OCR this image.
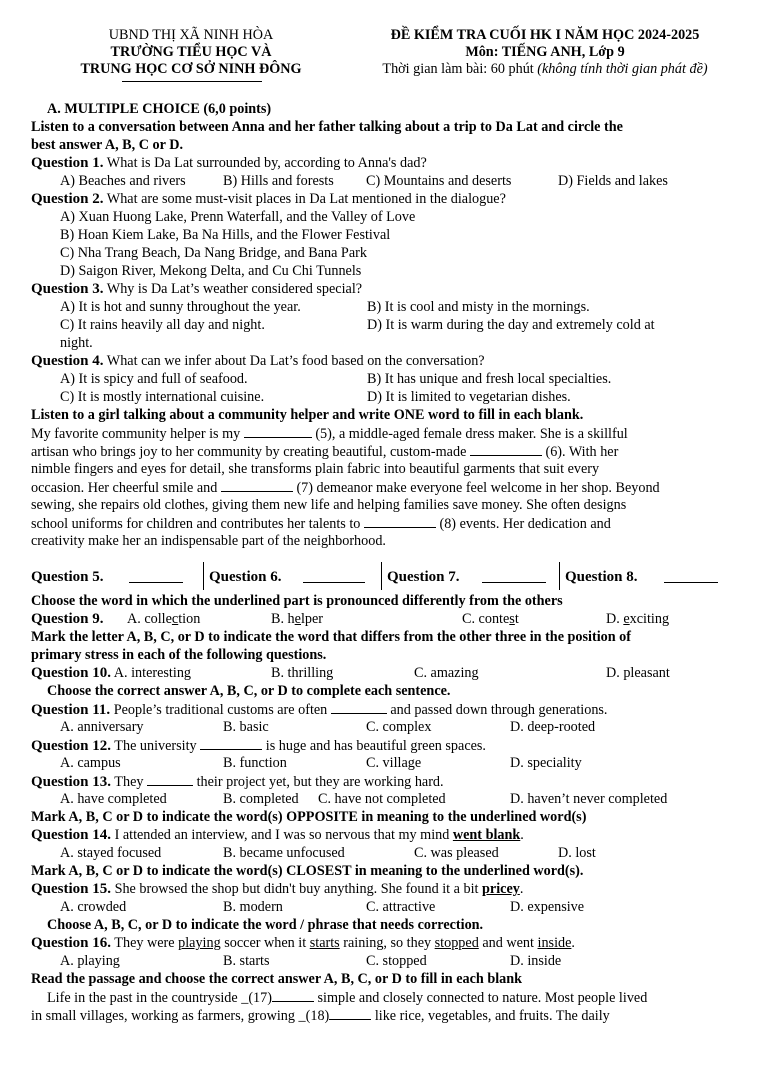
UBND THỊ XÃ NINH HÒA
TRƯỜNG TIỂU HỌC VÀ
TRUNG HỌC CƠ SỞ NINH ĐÔNG
ĐỀ KIỂM TRA CUỐI HK I NĂM HỌC 2024-2025
Môn: TIẾNG ANH, Lớp 9
Thời gian làm bài: 60 phút (không tính thời gian phát đề)
A. MULTIPLE CHOICE (6,0 points)
Listen to a conversation between Anna and her father talking about a trip to Da Lat and circle the
best answer A, B, C or D.
Question 1. What is Da Lat surrounded by, according to Anna's dad?
A) Beaches and rivers	B) Hills and forests C) Mountains and deserts	D) Fields and lakes
Question 2. What are some must-visit places in Da Lat mentioned in the dialogue?
A) Xuan Huong Lake, Prenn Waterfall, and the Valley of Love
B) Hoan Kiem Lake, Ba Na Hills, and the Flower Festival
C) Nha Trang Beach, Da Nang Bridge, and Bana Park
D) Saigon River, Mekong Delta, and Cu Chi Tunnels
Question 3. Why is Da Lat’s weather considered special?
A) It is hot and sunny throughout the year.	B) It is cool and misty in the mornings.
C) It rains heavily all day and night.	D) It is warm during the day and extremely cold at
night.
Question 4. What can we infer about Da Lat’s food based on the conversation?
A) It is spicy and full of seafood.	B) It has unique and fresh local specialties.
C) It is mostly international cuisine.	D) It is limited to vegetarian dishes.
Listen to a girl talking about a community helper and write ONE word to fill in each blank.
My favorite community helper is my	(5), a middle-aged female dress maker. She is a skillful
artisan who brings joy to her community by creating beautiful, custom-made	(6). With her
nimble fingers and eyes for detail, she transforms plain fabric into beautiful garments that suit every
occasion. Her cheerful smile and	(7) demeanor make everyone feel welcome in her shop. Beyond
sewing, she repairs old clothes, giving them new life and helping families save money. She often designs
school uniforms for children and contributes her talents to	(8) events. Her dedication and
creativity make her an indispensable part of the neighborhood.
Question 5.	Question 6.	Question 7.	Question 8.
Choose the word in which the underlined part is pronounced differently from the others
Question 9. A. collection	B. helper	C. contest	D. exciting
Mark the letter A, B, C, or D to indicate the word that differs from the other three in the position of
primary stress in each of the following questions.
Question 10. A. interesting	B. thrilling	C. amazing	D. pleasant
Choose the correct answer A, B, C, or D to complete each sentence.
Question 11. People’s traditional customs are often	and passed down through generations.
A. anniversary	B. basic	C. complex	D. deep-rooted
Question 12. The university	is huge and has beautiful green spaces.
A. campus	B. function	C. village	D. speciality
Question 13. They	their project yet, but they are working hard.
A. have completed	B. completed C. have not completed	D. haven’t never completed
Mark A, B, C or D to indicate the word(s) OPPOSITE in meaning to the underlined word(s)
Question 14. I attended an interview, and I was so nervous that my mind went blank.
A. stayed focused	B. became unfocused	C. was pleased	D. lost
Mark A, B, C or D to indicate the word(s) CLOSEST in meaning to the underlined word(s).
Question 15. She browsed the shop but didn't buy anything. She found it a bit pricey.
A. crowded	B. modern	C. attractive	D. expensive
Choose A, B, C, or D to indicate the word / phrase that needs correction.
Question 16. They were playing soccer when it starts raining, so they stopped and went inside.
A. playing	B. starts	C. stopped	D. inside
Read the passage and choose the correct answer A, B, C, or D to fill in each blank
Life in the past in the countryside _(17)	simple and closely connected to nature. Most people lived
in small villages, working as farmers, growing _(18)	like rice, vegetables, and fruits. The daily
